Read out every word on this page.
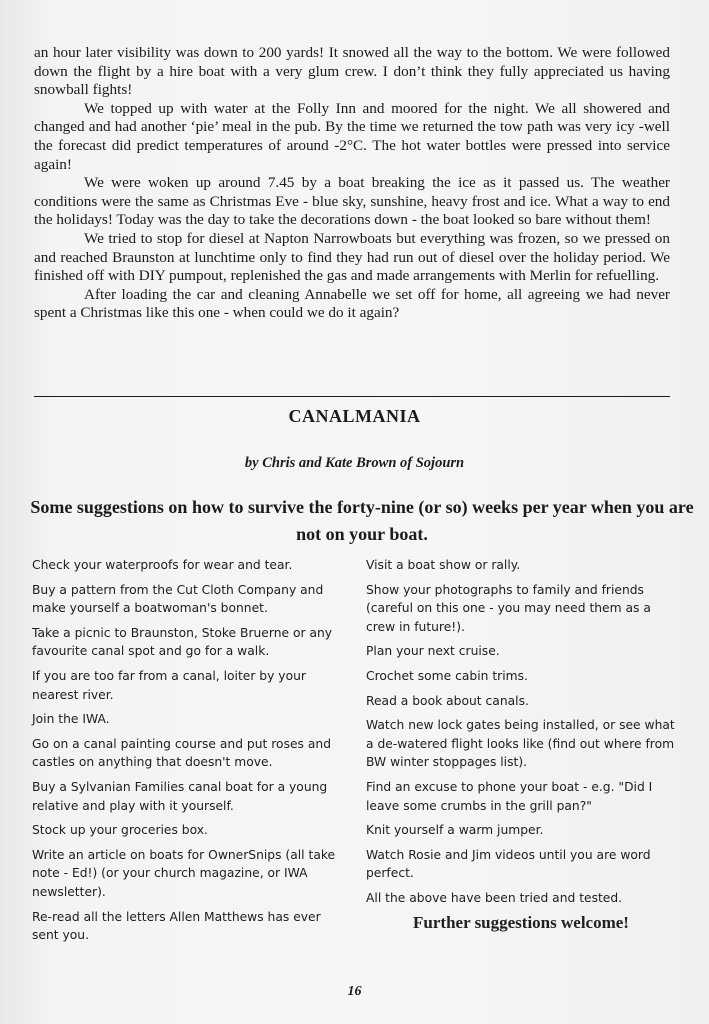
an hour later visibility was down to 200 yards! It snowed all the way to the bottom. We were followed down the flight by a hire boat with a very glum crew. I don’t think they fully appreciated us having snowball fights!

We topped up with water at the Folly Inn and moored for the night. We all showered and changed and had another ‘pie’ meal in the pub. By the time we returned the tow path was very icy -well the forecast did predict temperatures of around -2°C. The hot water bottles were pressed into service again!

We were woken up around 7.45 by a boat breaking the ice as it passed us. The weather conditions were the same as Christmas Eve - blue sky, sunshine, heavy frost and ice. What a way to end the holidays! Today was the day to take the decorations down - the boat looked so bare without them!

We tried to stop for diesel at Napton Narrowboats but everything was frozen, so we pressed on and reached Braunston at lunchtime only to find they had run out of diesel over the holiday period. We finished off with DIY pumpout, replenished the gas and made arrangements with Merlin for refuelling.

After loading the car and cleaning Annabelle we set off for home, all agreeing we had never spent a Christmas like this one - when could we do it again?

CANALMANIA
by Chris and Kate Brown of Sojourn
Some suggestions on how to survive the forty-nine (or so) weeks per year when you are not on your boat.
Check your waterproofs for wear and tear.
Buy a pattern from the Cut Cloth Company and make yourself a boatwoman's bonnet.
Take a picnic to Braunston, Stoke Bruerne or any favourite canal spot and go for a walk.
If you are too far from a canal, loiter by your nearest river.
Join the IWA.
Go on a canal painting course and put roses and castles on anything that doesn't move.
Buy a Sylvanian Families canal boat for a young relative and play with it yourself.
Stock up your groceries box.
Write an article on boats for OwnerSnips (all take note - Ed!) (or your church magazine, or IWA newsletter).
Re-read all the letters Allen Matthews has ever sent you.
Visit a boat show or rally.
Show your photographs to family and friends (careful on this one - you may need them as a crew in future!).
Plan your next cruise.
Crochet some cabin trims.
Read a book about canals.
Watch new lock gates being installed, or see what a de-watered flight looks like (find out where from BW winter stoppages list).
Find an excuse to phone your boat - e.g. "Did I leave some crumbs in the grill pan?"
Knit yourself a warm jumper.
Watch Rosie and Jim videos until you are word perfect.
All the above have been tried and tested.
Further suggestions welcome!
16
